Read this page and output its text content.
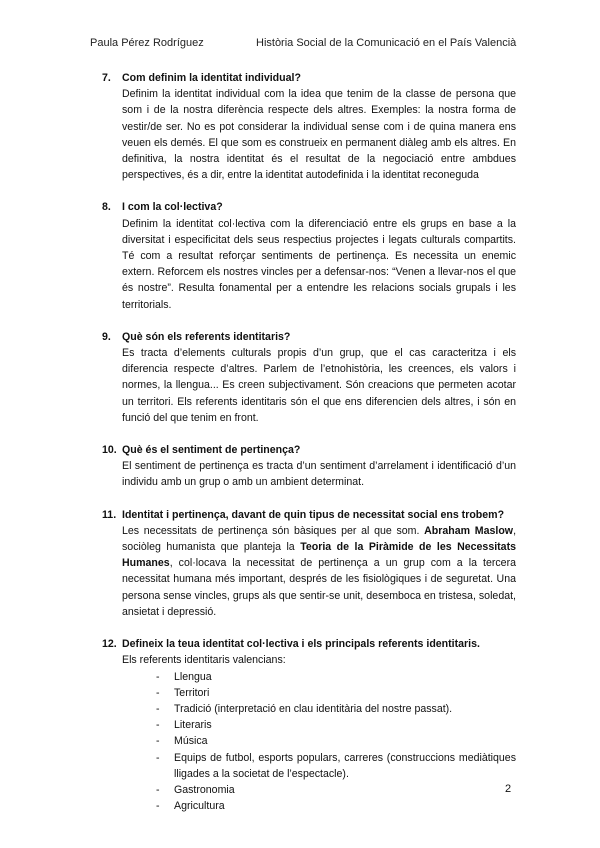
Paula Pérez Rodríguez	Història Social de la Comunicació en el País Valencià
7.	Com definim la identitat individual?
Definim la identitat individual com la idea que tenim de la classe de persona que som i de la nostra diferència respecte dels altres. Exemples: la nostra forma de vestir/de ser. No es pot considerar la individual sense com i de quina manera ens veuen els demés. El que som es construeix en permanent diàleg amb els altres. En definitiva, la nostra identitat és el resultat de la negociació entre ambdues perspectives, és a dir, entre la identitat autodefinida i la identitat reconeguda
8.	I com la col·lectiva?
Definim la identitat col·lectiva com la diferenciació entre els grups en base a la diversitat i especificitat dels seus respectius projectes i legats culturals compartits. Té com a resultat reforçar sentiments de pertinença. Es necessita un enemic extern. Reforcem els nostres vincles per a defensar-nos: “Venen a llevar-nos el que és nostre”. Resulta fonamental per a entendre les relacions socials grupals i les territorials.
9.	Què són els referents identitaris?
Es tracta d’elements culturals propis d’un grup, que el cas caracteritza i els diferencia respecte d’altres. Parlem de l’etnohistòria, les creences, els valors i normes, la llengua... Es creen subjectivament. Són creacions que permeten acotar un territori. Els referents identitaris són el que ens diferencien dels altres, i són en funció del que tenim en front.
10. Què és el sentiment de pertinença?
El sentiment de pertinença es tracta d’un sentiment d’arrelament i identificació d’un individu amb un grup o amb un ambient determinat.
11. Identitat i pertinença, davant de quin tipus de necessitat social ens trobem?
Les necessitats de pertinença són bàsiques per al que som. Abraham Maslow, sociòleg humanista que planteja la Teoria de la Piràmide de les Necessitats Humanes, col·locava la necessitat de pertinença a un grup com a la tercera necessitat humana més important, després de les fisiològiques i de seguretat. Una persona sense vincles, grups als que sentir-se unit, desemboca en tristesa, soledat, ansietat i depressió.
12. Defineix la teua identitat col·lectiva i els principals referents identitaris.
Els referents identitaris valencians:
- Llengua
- Territori
- Tradició (interpretació en clau identitària del nostre passat).
- Literaris
- Música
- Equips de futbol, esports populars, carreres (construccions mediàtiques lligades a la societat de l’espectacle).
- Gastronomia
- Agricultura
2
